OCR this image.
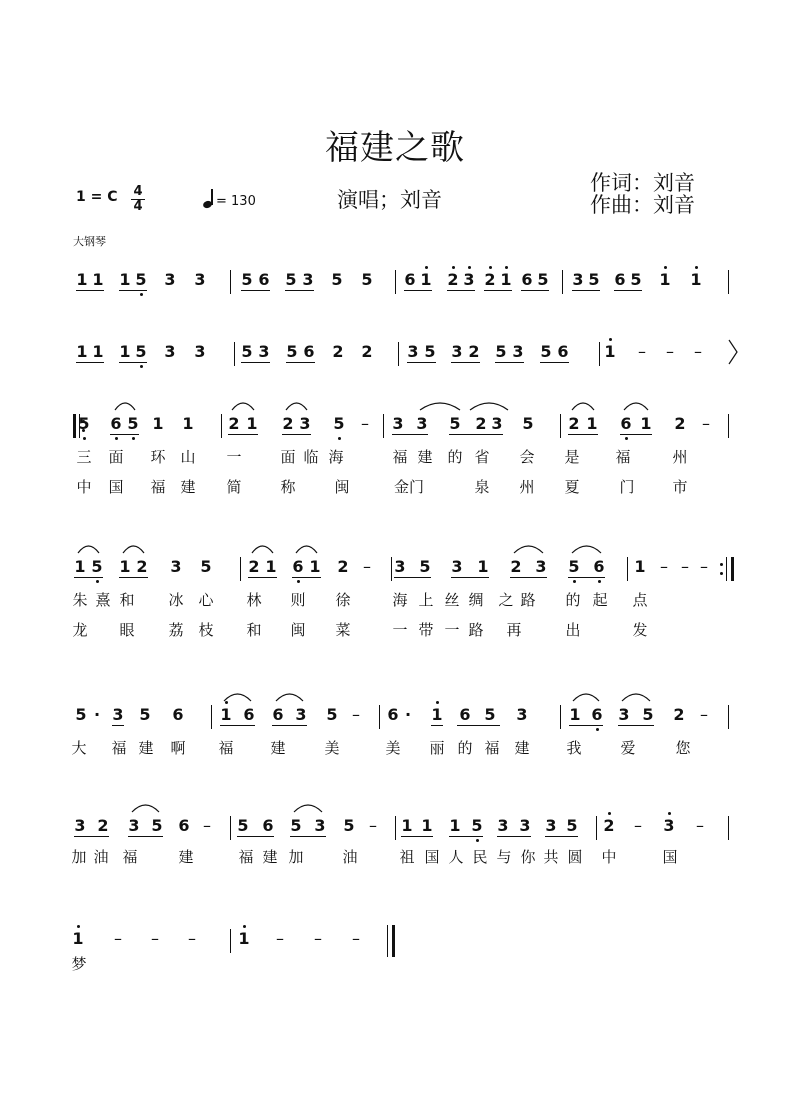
福建之歌
1 = C 4
4	= 130	演唱；刘音
作词：刘音
作曲：刘音
大钢琴
1 1 1 5 3 3 5 6 5 3 5 5 6 1 2 3 2 1 6 5 3 5 6 5 1 1
1 1 1 5 3 3 5 3 5 6 2 2 3 5 3 2 5 3 5 6 1 – – –
5 6 5 1 1 2 1 2 3 5 – 3 3 5 2 3 5 2 1 6 1 2 –
三 面 环 山 一	面 临 海	福 建 的 省 会 是 福	州
中 国 福 建 简	称	闽	金门	泉 州 夏	门	市
1 5 1 2 3 5 2 1 6 1 2 – 3 5 3 1 2 3 5 6 1 – – –
朱 熹 和 冰 心 林 则 徐	海 上 丝 绸 之 路 的 起 点
龙 眼 荔 枝 和 闽 菜	一 带 一 路 再	出	发
5 · 3 5 6 1 6 6 3 5 – 6 ·	1 6 5 3	1 6 3 5 2 –
大 福 建 啊 福 建	美	美 丽 的 福 建 我	爱	您
3 2 3 5 6 – 5 6 5 3 5 – 1 1 1 5 3 3 3 5 2 – 3 –
加 油 福	建	福 建 加	油	祖 国 人 民 与 你 共 圆 中	国
1 – – –	1 – – –
梦
